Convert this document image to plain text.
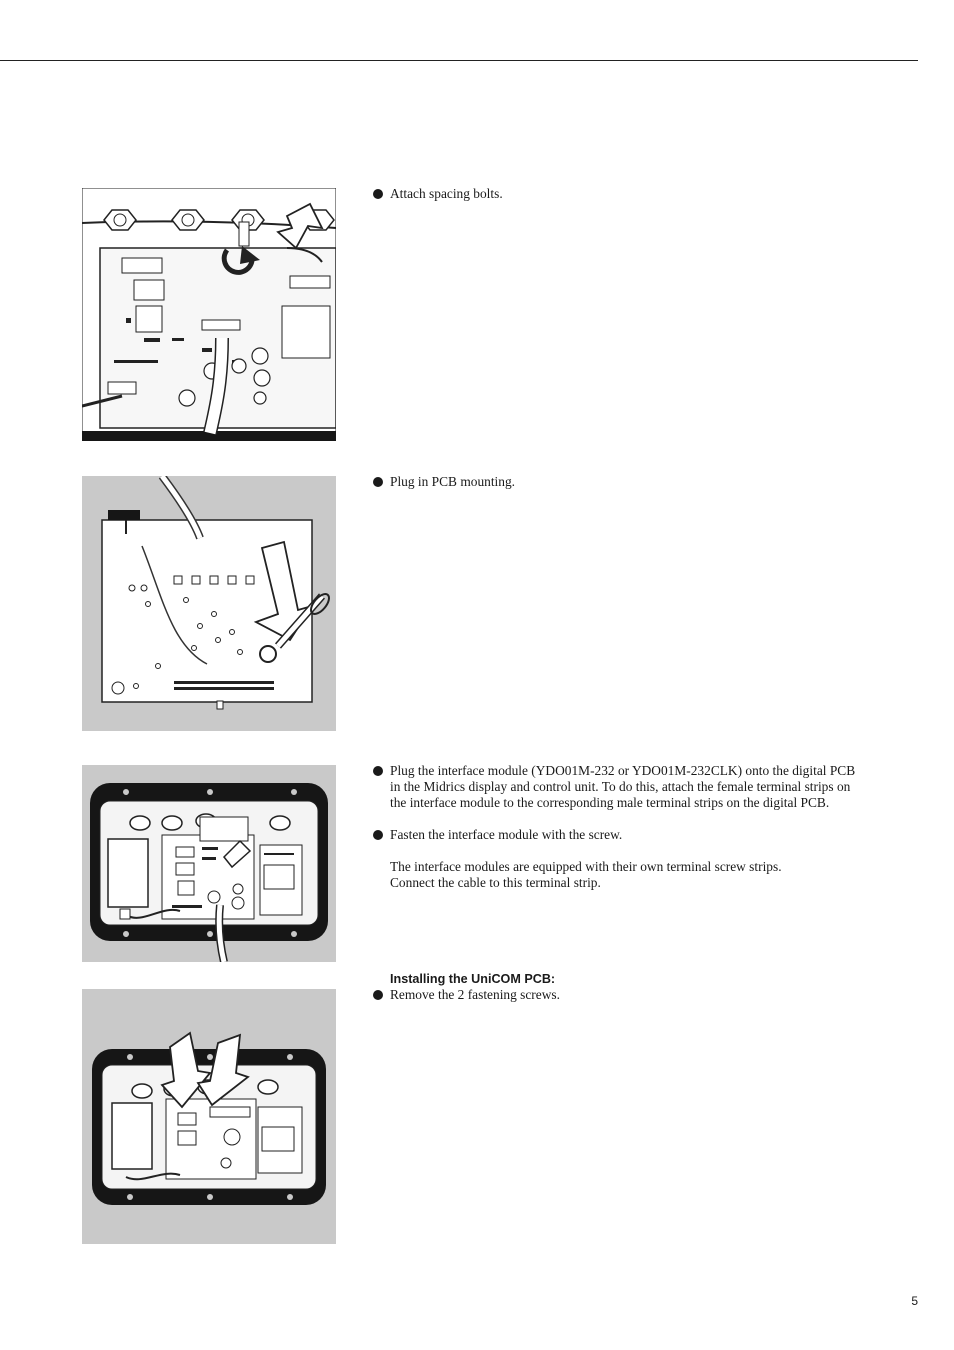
Attach spacing bolts.
Plug in PCB mounting.
Plug the interface module (YDO01M-232 or YDO01M-232CLK) onto the digital PCB
in the Midrics display and control unit. To do this, attach the female terminal strips on
the interface module to the corresponding male terminal strips on the digital PCB.
Fasten the interface module with the screw.
The interface modules are equipped with their own terminal screw strips.
Connect the cable to this terminal strip.
Installing the UniCOM PCB:
Remove the 2 fastening screws.
5
